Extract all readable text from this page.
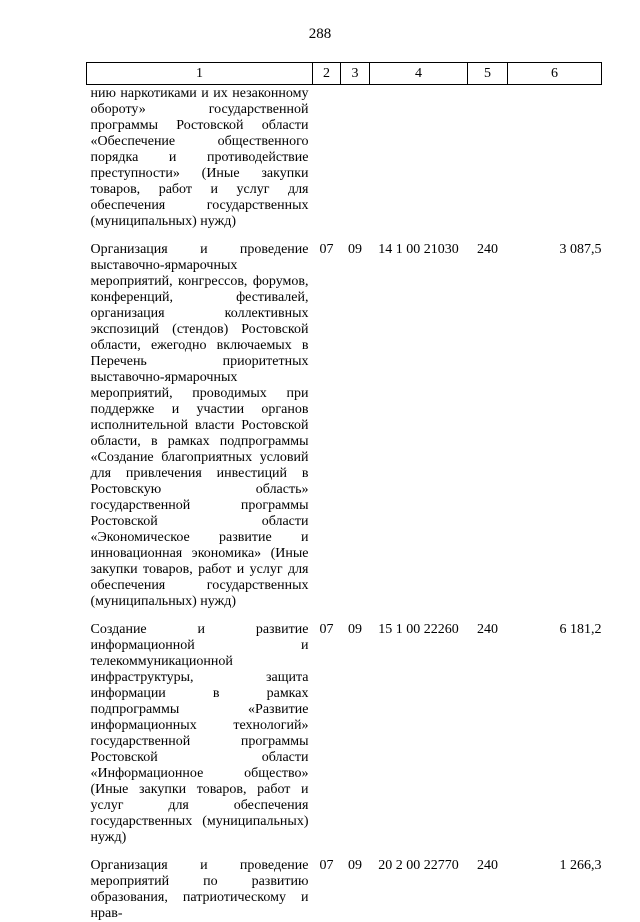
288
1	2	3	4	5	6

нию наркотиками и их незаконному обороту» государственной программы Ростовской области «Обеспечение общественного порядка и противодействие преступности» (Иные закупки товаров, работ и услуг для обеспечения государственных (муниципальных) нужд)					

Организация и проведение выставочно-ярмарочных мероприятий, конгрессов, форумов, конференций, фестивалей, организация коллективных экспозиций (стендов) Ростовской области, ежегодно включаемых в Перечень приоритетных выставочно-ярмарочных мероприятий, проводимых при поддержке и участии органов исполнительной власти Ростовской области, в рамках подпрограммы «Создание благоприятных условий для привлечения инвестиций в Ростовскую область» государственной программы Ростовской области «Экономическое развитие и инновационная экономика» (Иные закупки товаров, работ и услуг для обеспечения государственных (муниципальных) нужд)	07	09	14 1 00 21030	240	3 087,5

Создание и развитие информационной и телекоммуникационной инфраструктуры, защита информации в рамках подпрограммы «Развитие информационных технологий» государственной программы Ростовской области «Информационное общество» (Иные закупки товаров, работ и услуг для обеспечения государственных (муниципальных) нужд)	07	09	15 1 00 22260	240	6 181,2

Организация и проведение мероприятий по развитию образования, патриотическому и нрав-	07	09	20 2 00 22770	240	1 266,3
